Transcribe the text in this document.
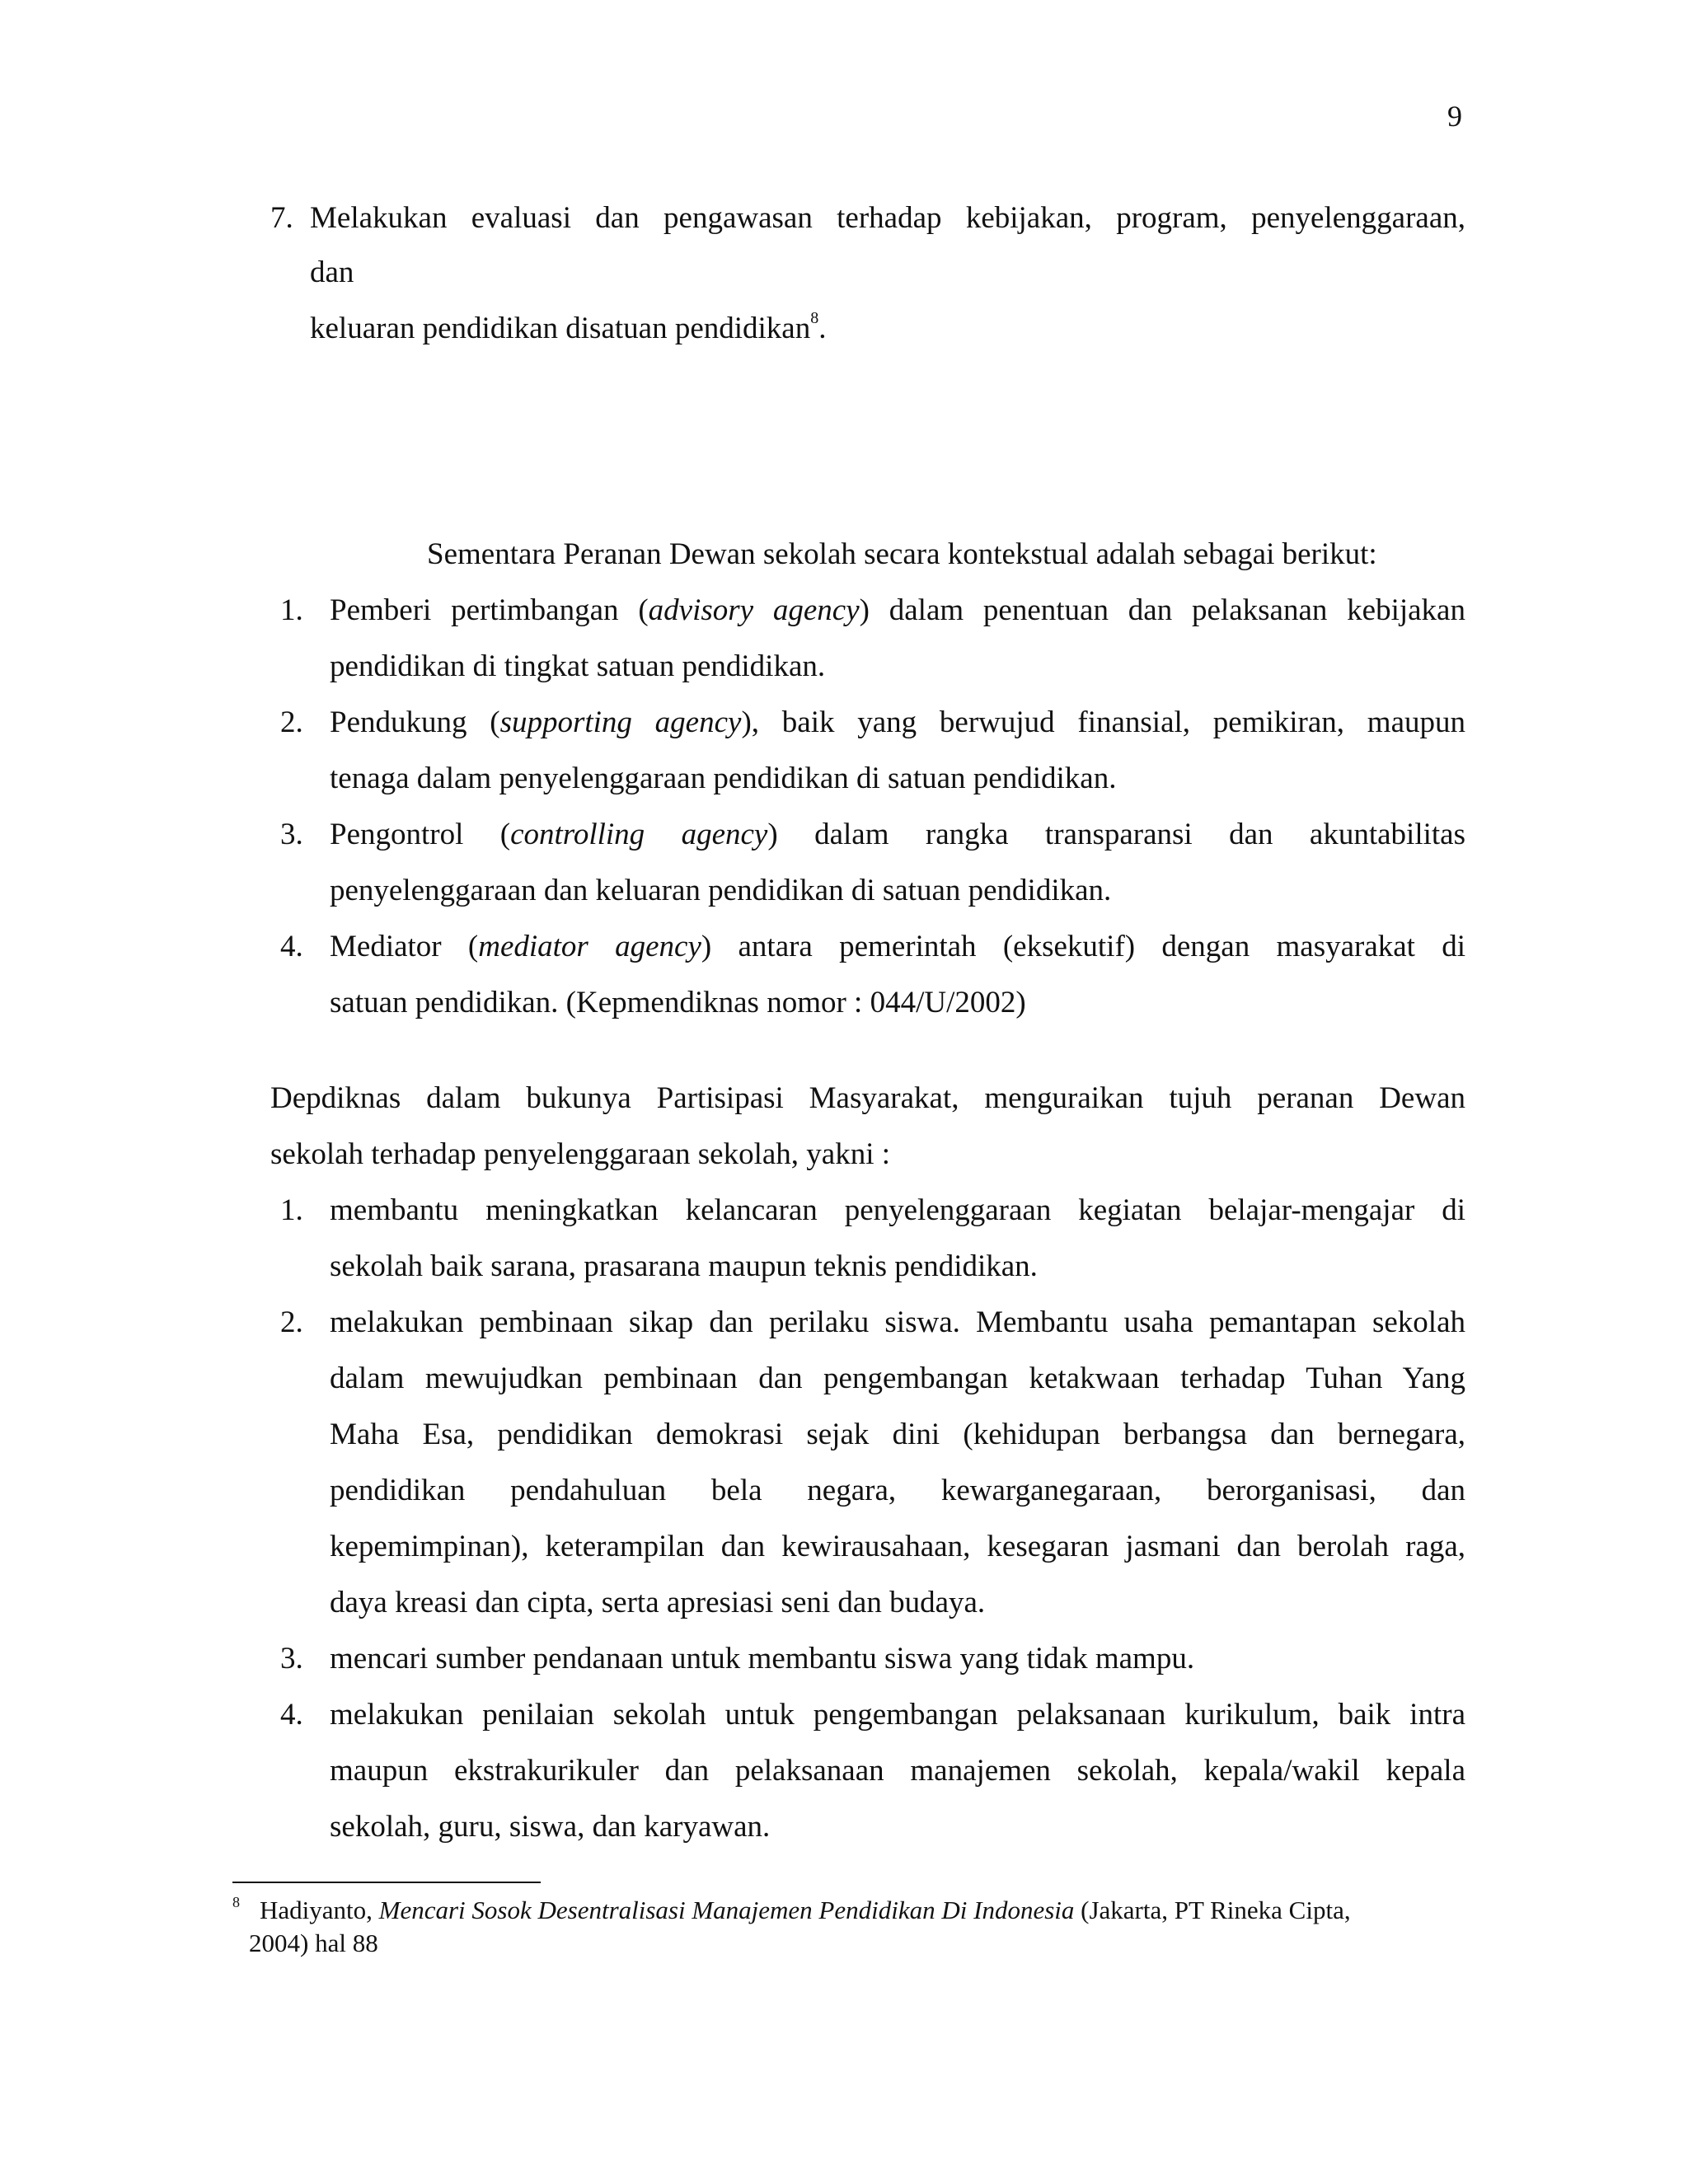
9
7. Melakukan evaluasi dan pengawasan terhadap kebijakan, program, penyelenggaraan,
dan
keluaran pendidikan disatuan pendidikan$^8$.
Sementara Peranan Dewan sekolah secara kontekstual adalah sebagai berikut:
1. Pemberi pertimbangan (advisory agency) dalam penentuan dan pelaksanan kebijakan
pendidikan di tingkat satuan pendidikan.
2. Pendukung (supporting agency), baik yang berwujud finansial, pemikiran, maupun
tenaga dalam penyelenggaraan pendidikan di satuan pendidikan.
3. Pengontrol (controlling agency) dalam rangka transparansi dan akuntabilitas
penyelenggaraan dan keluaran pendidikan di satuan pendidikan.
4. Mediator (mediator agency) antara pemerintah (eksekutif) dengan masyarakat di
satuan pendidikan. (Kepmendiknas nomor : 044/U/2002)
Depdiknas dalam bukunya Partisipasi Masyarakat, menguraikan tujuh peranan Dewan
sekolah terhadap penyelenggaraan sekolah, yakni :
1. membantu meningkatkan kelancaran penyelenggaraan kegiatan belajar-mengajar di
sekolah baik sarana, prasarana maupun teknis pendidikan.
2. melakukan pembinaan sikap dan perilaku siswa. Membantu usaha pemantapan sekolah
dalam mewujudkan pembinaan dan pengembangan ketakwaan terhadap Tuhan Yang
Maha Esa, pendidikan demokrasi sejak dini (kehidupan berbangsa dan bernegara,
pendidikan pendahuluan bela negara, kewarganegaraan, berorganisasi, dan
kepemimpinan), keterampilan dan kewirausahaan, kesegaran jasmani dan berolah raga,
daya kreasi dan cipta, serta apresiasi seni dan budaya.
3. mencari sumber pendanaan untuk membantu siswa yang tidak mampu.
4. melakukan penilaian sekolah untuk pengembangan pelaksanaan kurikulum, baik intra
maupun ekstrakurikuler dan pelaksanaan manajemen sekolah, kepala/wakil kepala
sekolah, guru, siswa, dan karyawan.
$^8$ Hadiyanto, Mencari Sosok Desentralisasi Manajemen Pendidikan Di Indonesia (Jakarta, PT Rineka Cipta,
2004) hal 88
